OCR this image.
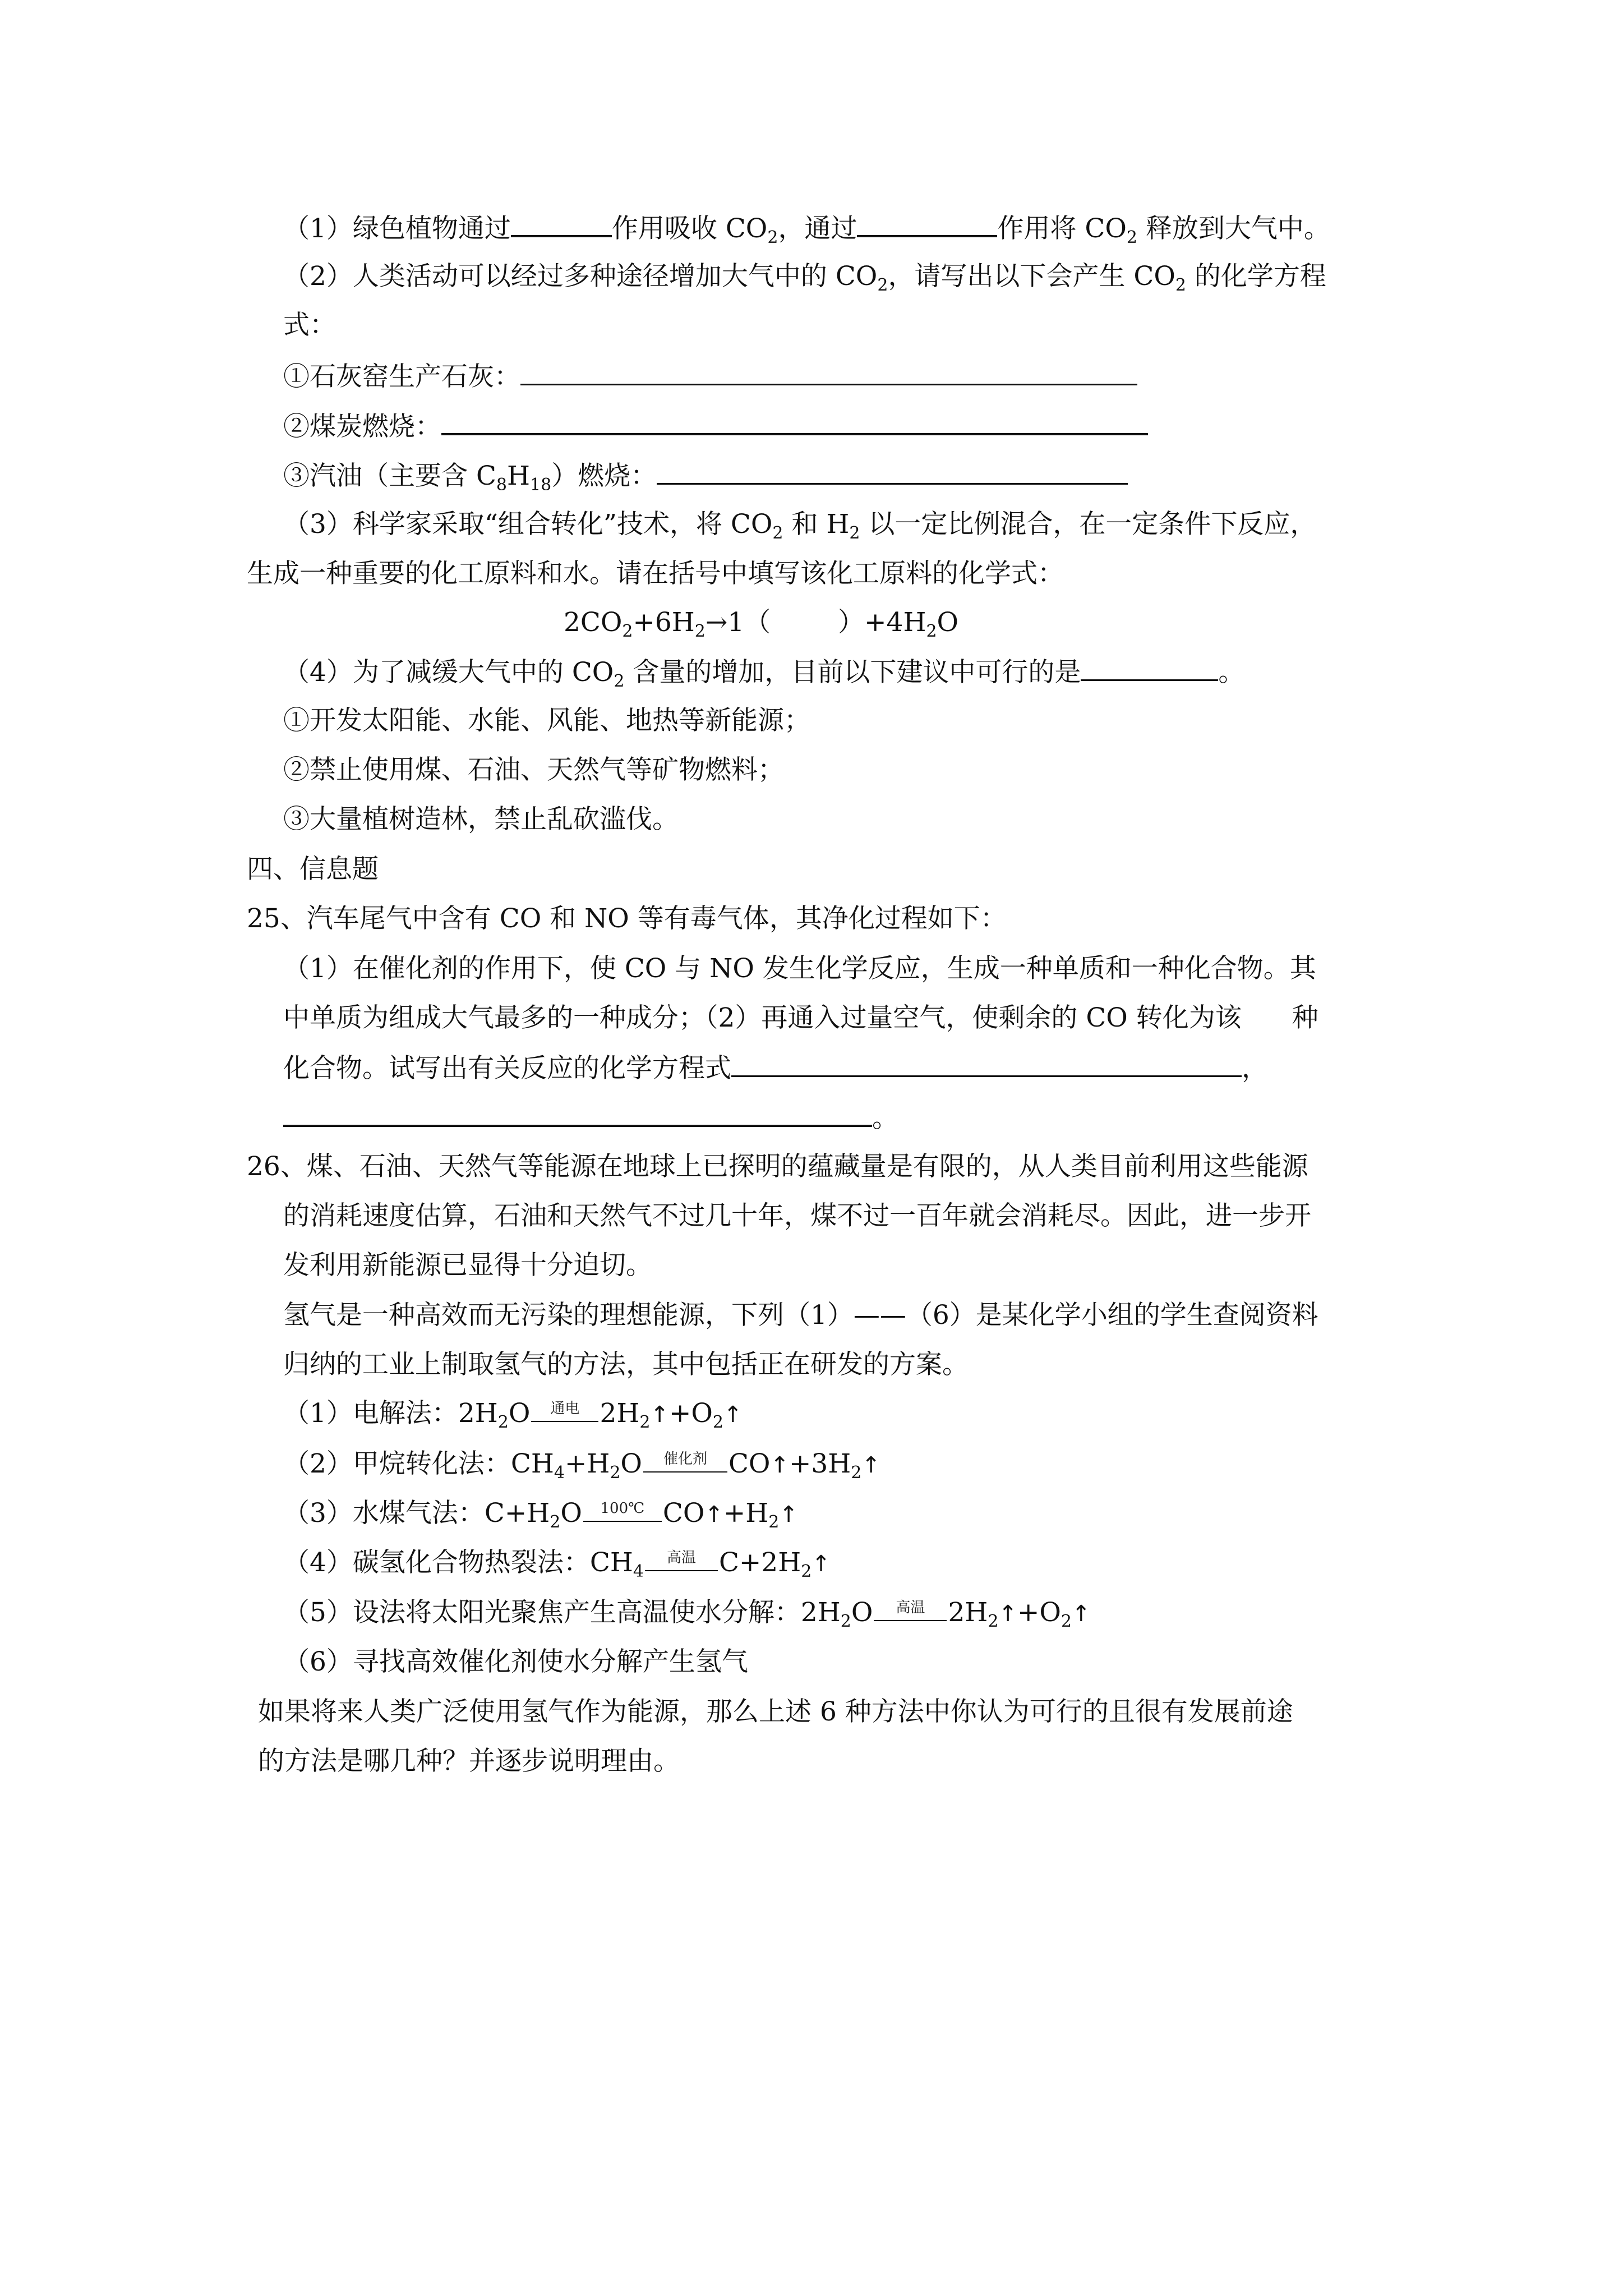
（1）绿色植物通过	作用吸收 $CO_2$，通过	作用将 $CO_2$ 释放到大气中。
（2）人类活动可以经过多种途径增加大气中的 $CO_2$，请写出以下会产生 $CO_2$ 的化学方程
式：
①石灰窑生产石灰：
②煤炭燃烧：
③汽油（主要含 $C_8H_{18}$）燃烧：
（3）科学家采取“组合转化”技术，将 $CO_2$ 和 $H_2$ 以一定比例混合，在一定条件下反应，
生成一种重要的化工原料和水。请在括号中填写该化工原料的化学式：
$2CO_2+6H_2\to 1$（	）$+4H_2O$
（4）为了减缓大气中的 $CO_2$ 含量的增加，目前以下建议中可行的是	。
①开发太阳能、水能、风能、地热等新能源；
②禁止使用煤、石油、天然气等矿物燃料；
③大量植树造林，禁止乱砍滥伐。
四、信息题
25、汽车尾气中含有 CO 和 NO 等有毒气体，其净化过程如下：
（1）在催化剂的作用下，使 CO 与 NO 发生化学反应，生成一种单质和一种化合物。其
中单质为组成大气最多的一种成分；（2）再通入过量空气，使剩余的 CO 转化为该 种
化合物。试写出有关反应的化学方程式	，
。
26、煤、石油、天然气等能源在地球上已探明的蕴藏量是有限的，从人类目前利用这些能源
的消耗速度估算，石油和天然气不过几十年，煤不过一百年就会消耗尽。因此，进一步开
发利用新能源已显得十分迫切。
氢气是一种高效而无污染的理想能源，下列（1）——（6）是某化学小组的学生查阅资料
归纳的工业上制取氢气的方法，其中包括正在研发的方案。
（1）电解法：$2H_2O$	通电 $2H_2↑+O_2↑$
（2）甲烷转化法：$CH_4+H_2O$	催化剂 $CO↑+3H_2↑$
（3）水煤气法：$C+H_2O$	100℃ $CO↑+H_2↑$
（4）碳氢化合物热裂法：$CH_4$
高温 $C+2H_2↑$
（5）设法将太阳光聚焦产生高温使水分解：$2H_2O$	高温 $2H_2↑+O_2↑$
（6）寻找高效催化剂使水分解产生氢气
如果将来人类广泛使用氢气作为能源，那么上述 6 种方法中你认为可行的且很有发展前途
的方法是哪几种？并逐步说明理由。
